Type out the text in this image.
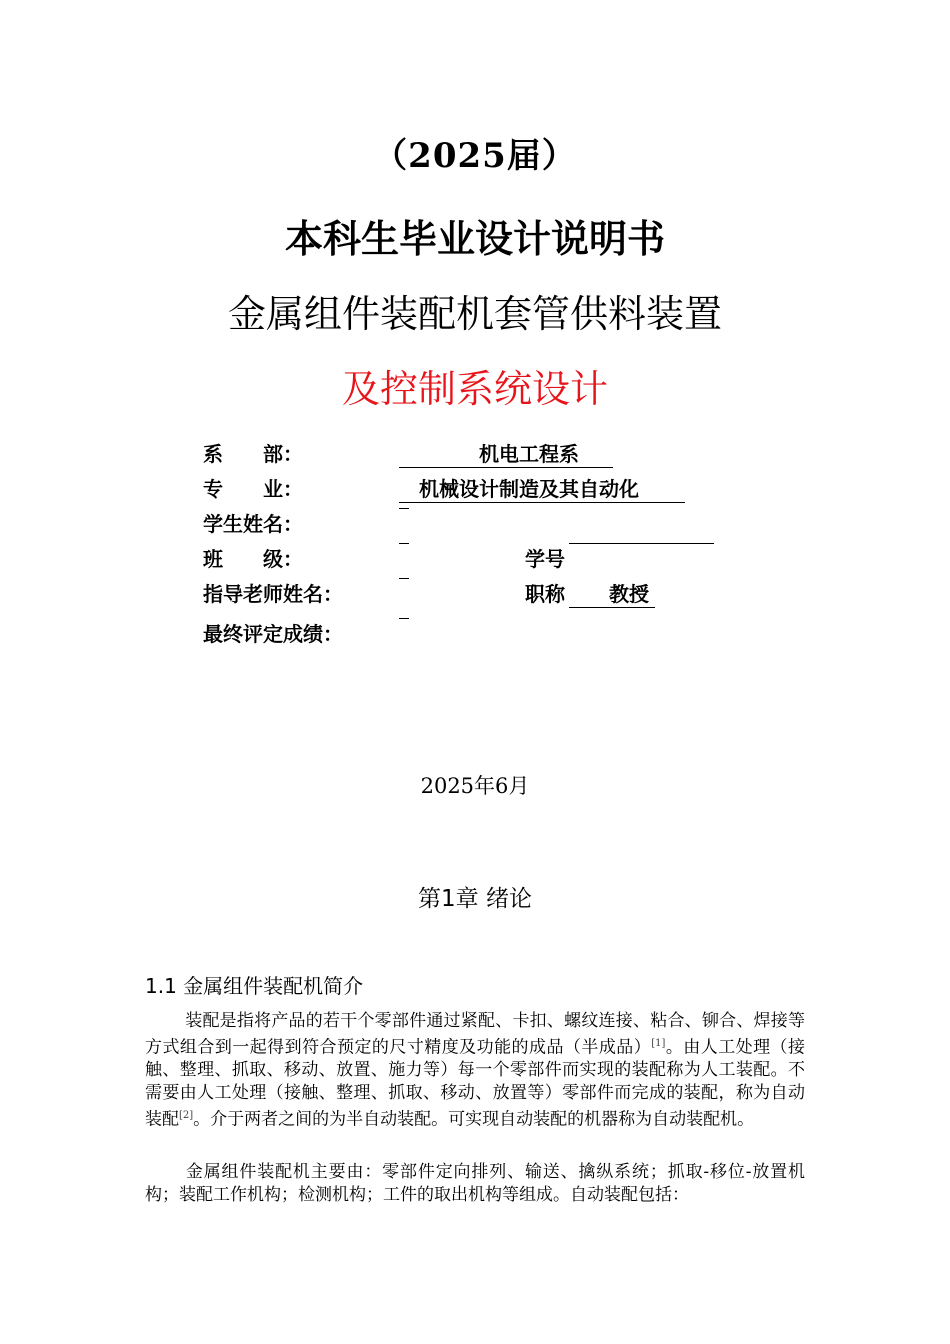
（2025届）
本科生毕业设计说明书
金属组件装配机套管供料装置
及控制系统设计
系　　部：	　　　　机电工程系
专　　业：	　机械设计制造及其自动化
学生姓名：
班　　级：	学号
指导老师姓名：	职称 　　教授
最终评定成绩：
2025年6月
第1章 绪论
1.1 金属组件装配机简介
装配是指将产品的若干个零部件通过紧配、卡扣、螺纹连接、粘合、铆合、焊接等方式组合到一起得到符合预定的尺寸精度及功能的成品（半成品）[1]。由人工处理（接触、整理、抓取、移动、放置、施力等）每一个零部件而实现的装配称为人工装配。不需要由人工处理（接触、整理、抓取、移动、放置等）零部件而完成的装配，称为自动装配[2]。介于两者之间的为半自动装配。可实现自动装配的机器称为自动装配机。
金属组件装配机主要由：零部件定向排列、输送、擒纵系统；抓取-移位-放置机构；装配工作机构；检测机构；工件的取出机构等组成。自动装配包括：
